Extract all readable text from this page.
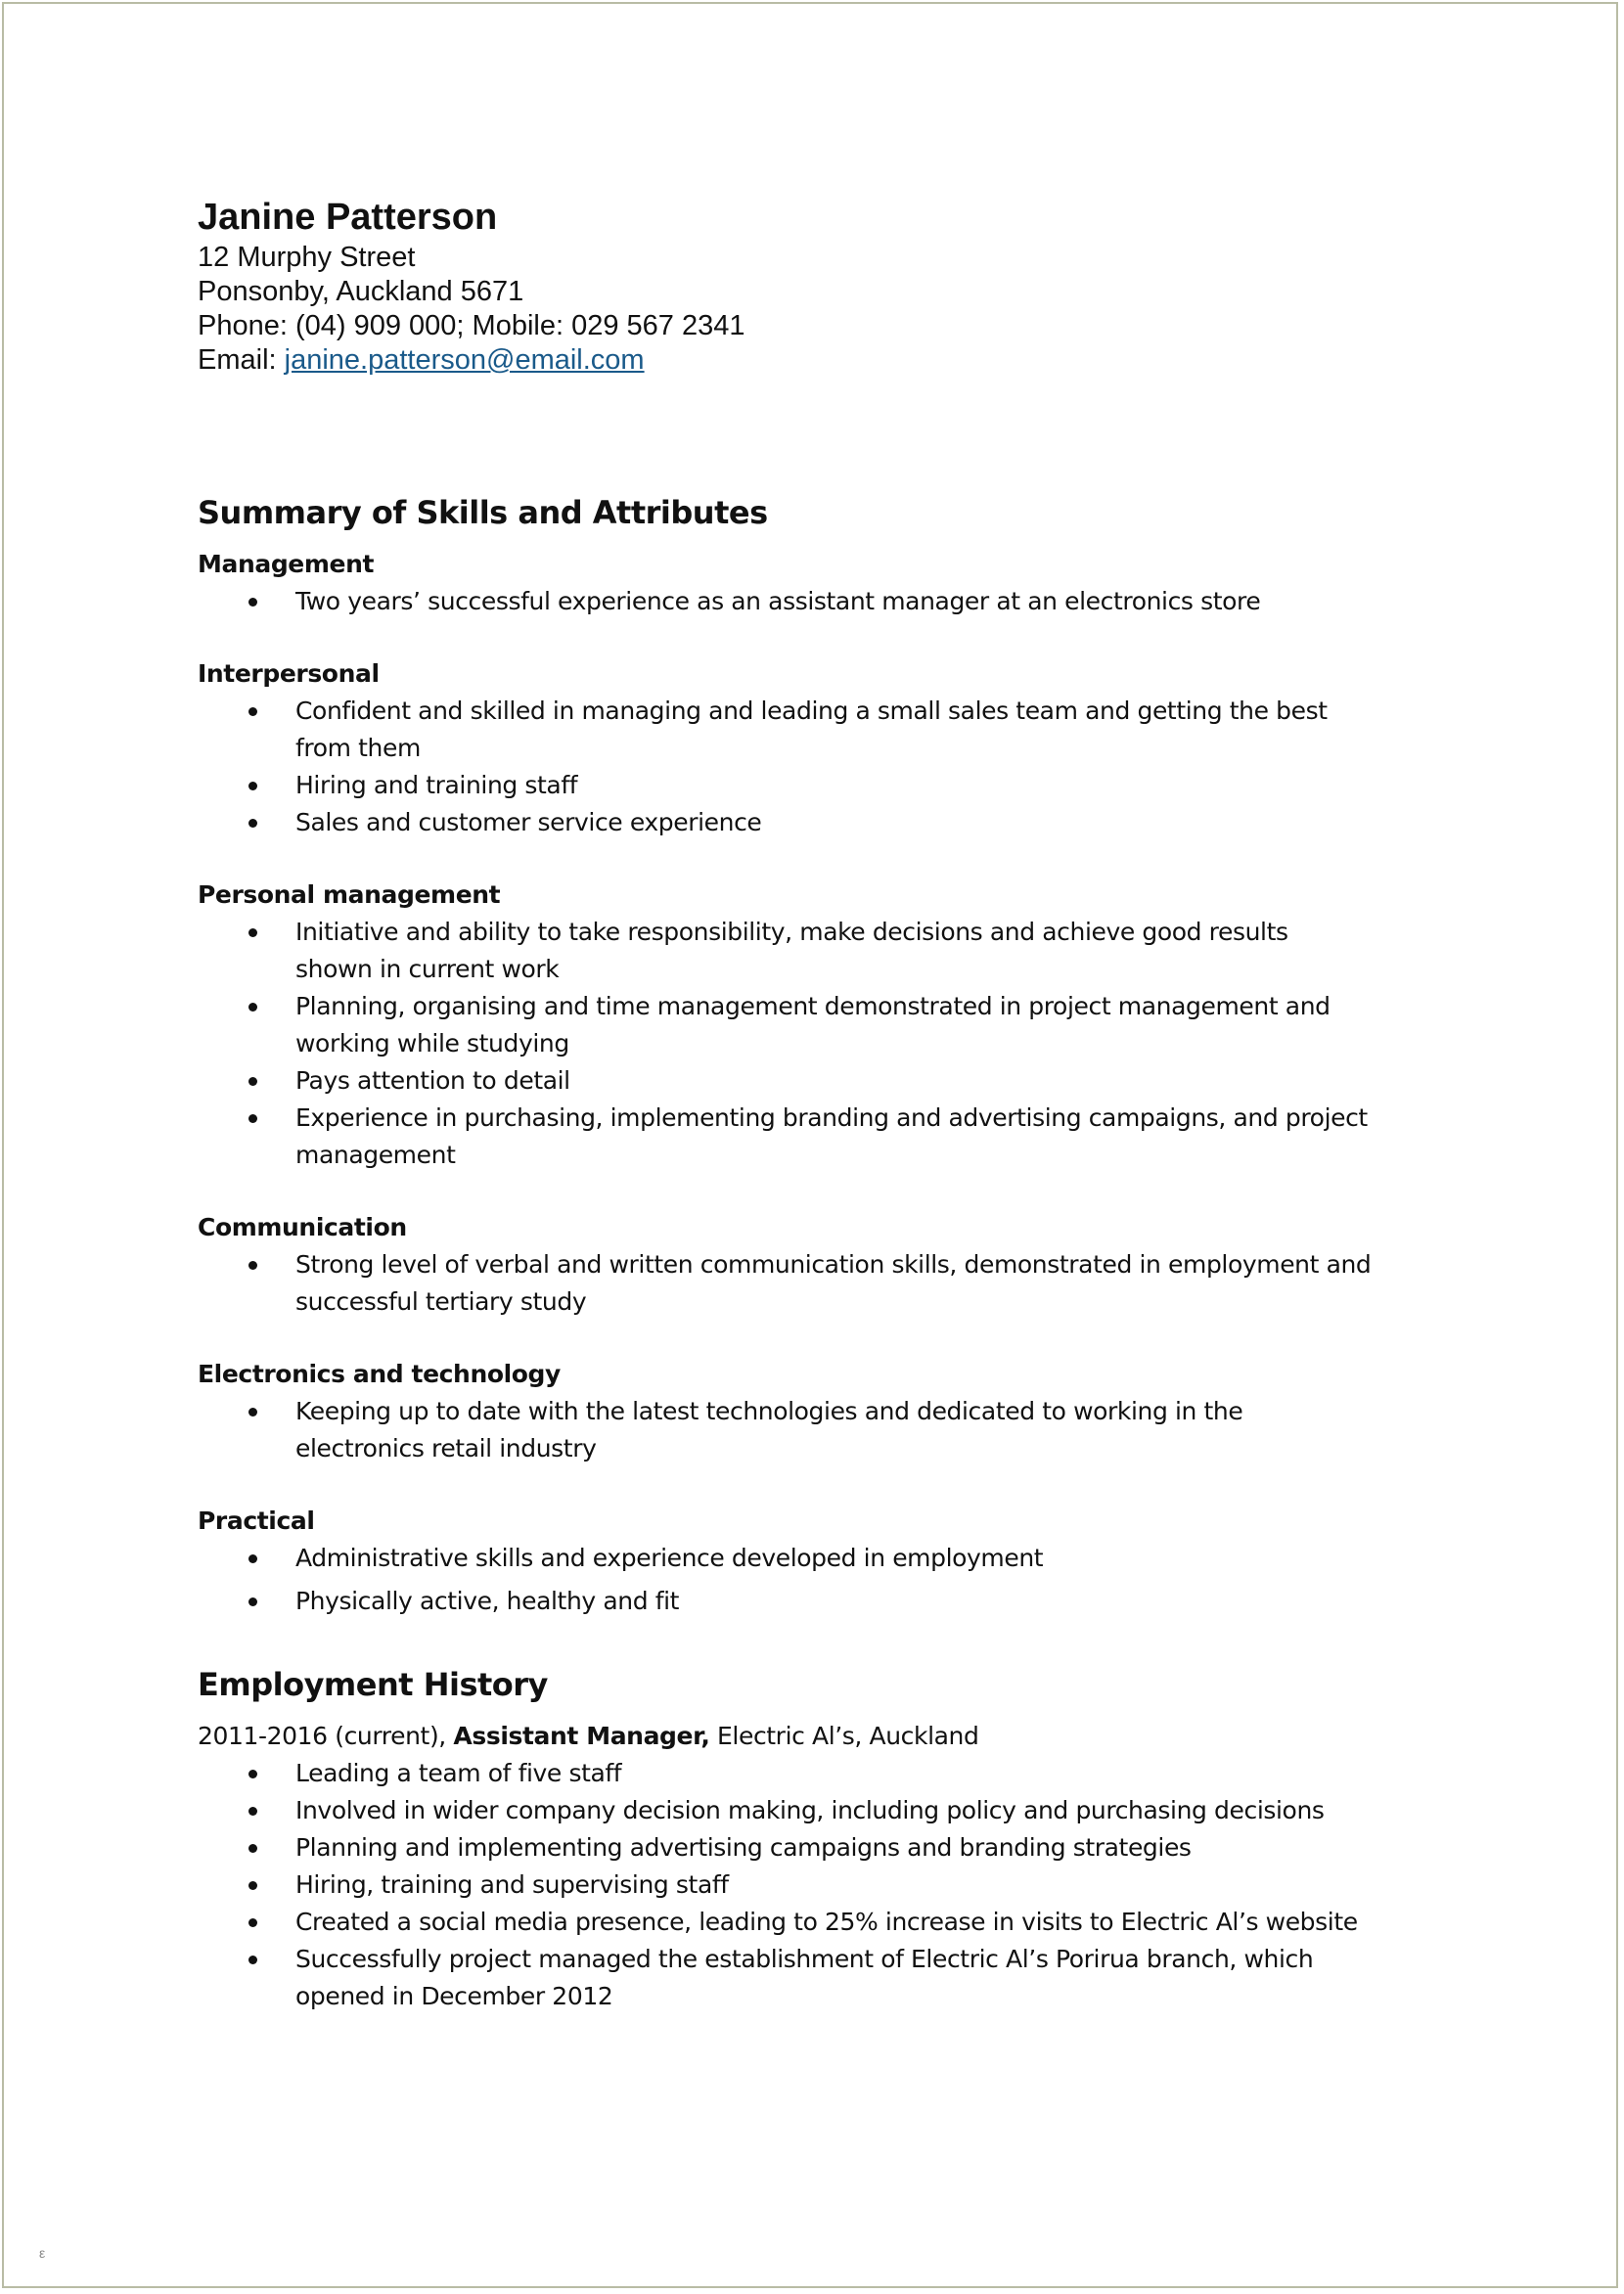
Janine Patterson

12 Murphy Street

Ponsonby, Auckland 5671

Phone: (04) 909 000; Mobile: 029 567 2341

Email: janine.patterson@email.com

Summary of Skills and Attributes

Management

Two years’ successful experience as an assistant manager at an electronics store

Interpersonal

Confident and skilled in managing and leading a small sales team and getting the best from them
Hiring and training staff
Sales and customer service experience

Personal management

Initiative and ability to take responsibility, make decisions and achieve good results shown in current work
Planning, organising and time management demonstrated in project management and working while studying
Pays attention to detail
Experience in purchasing, implementing branding and advertising campaigns, and project management

Communication

Strong level of verbal and written communication skills, demonstrated in employment and successful tertiary study

Electronics and technology

Keeping up to date with the latest technologies and dedicated to working in the electronics retail industry

Practical

Administrative skills and experience developed in employment
Physically active, healthy and fit
Employment History

2011-2016 (current), Assistant Manager, Electric Al’s, Auckland

Leading a team of five staff
Involved in wider company decision making, including policy and purchasing decisions
Planning and implementing advertising campaigns and branding strategies
Hiring, training and supervising staff
Created a social media presence, leading to 25% increase in visits to Electric Al’s website
Successfully project managed the establishment of Electric Al’s Porirua branch, which opened in December 2012
ε
